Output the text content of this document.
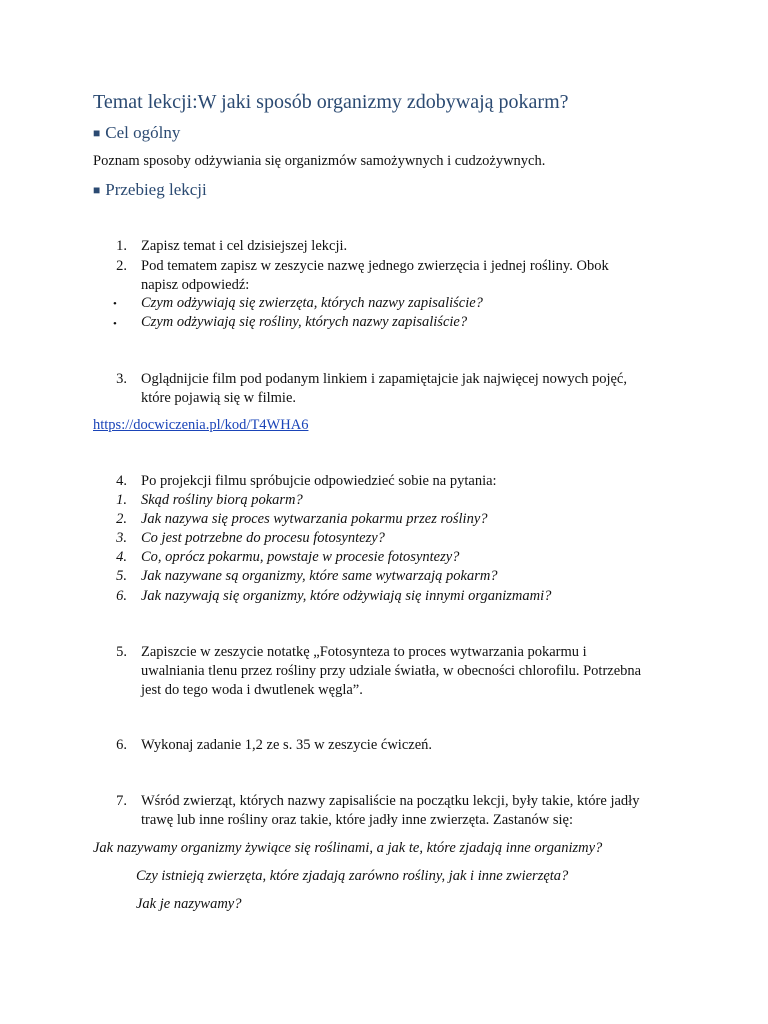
Temat lekcji:W jaki sposób organizmy zdobywają pokarm?
■ Cel ogólny
Poznam sposoby odżywiania się organizmów samożywnych i cudzożywnych.
■ Przebieg lekcji
1. Zapisz temat i cel dzisiejszej lekcji.
2. Pod tematem zapisz w zeszycie nazwę jednego zwierzęcia i jednej rośliny. Obok
napisz odpowiedź:
• Czym odżywiają się zwierzęta, których nazwy zapisaliście?
• Czym odżywiają się rośliny, których nazwy zapisaliście?
3. Oglądnijcie film pod podanym linkiem i zapamiętajcie jak najwięcej nowych pojęć,
które pojawią się w filmie.
https://docwiczenia.pl/kod/T4WHA6
4. Po projekcji filmu spróbujcie odpowiedzieć sobie na pytania:
1. Skąd rośliny biorą pokarm?
2. Jak nazywa się proces wytwarzania pokarmu przez rośliny?
3. Co jest potrzebne do procesu fotosyntezy?
4. Co, oprócz pokarmu, powstaje w procesie fotosyntezy?
5. Jak nazywane są organizmy, które same wytwarzają pokarm?
6. Jak nazywają się organizmy, które odżywiają się innymi organizmami?
5. Zapiszcie w zeszycie notatkę „Fotosynteza to proces wytwarzania pokarmu i
uwalniania tlenu przez rośliny przy udziale światła, w obecności chlorofilu. Potrzebna
jest do tego woda i dwutlenek węgla”.
6. Wykonaj zadanie 1,2 ze s. 35 w zeszycie ćwiczeń.
7. Wśród zwierząt, których nazwy zapisaliście na początku lekcji, były takie, które jadły
trawę lub inne rośliny oraz takie, które jadły inne zwierzęta. Zastanów się:
Jak nazywamy organizmy żywiące się roślinami, a jak te, które zjadają inne organizmy?
Czy istnieją zwierzęta, które zjadają zarówno rośliny, jak i inne zwierzęta?
Jak je nazywamy?
